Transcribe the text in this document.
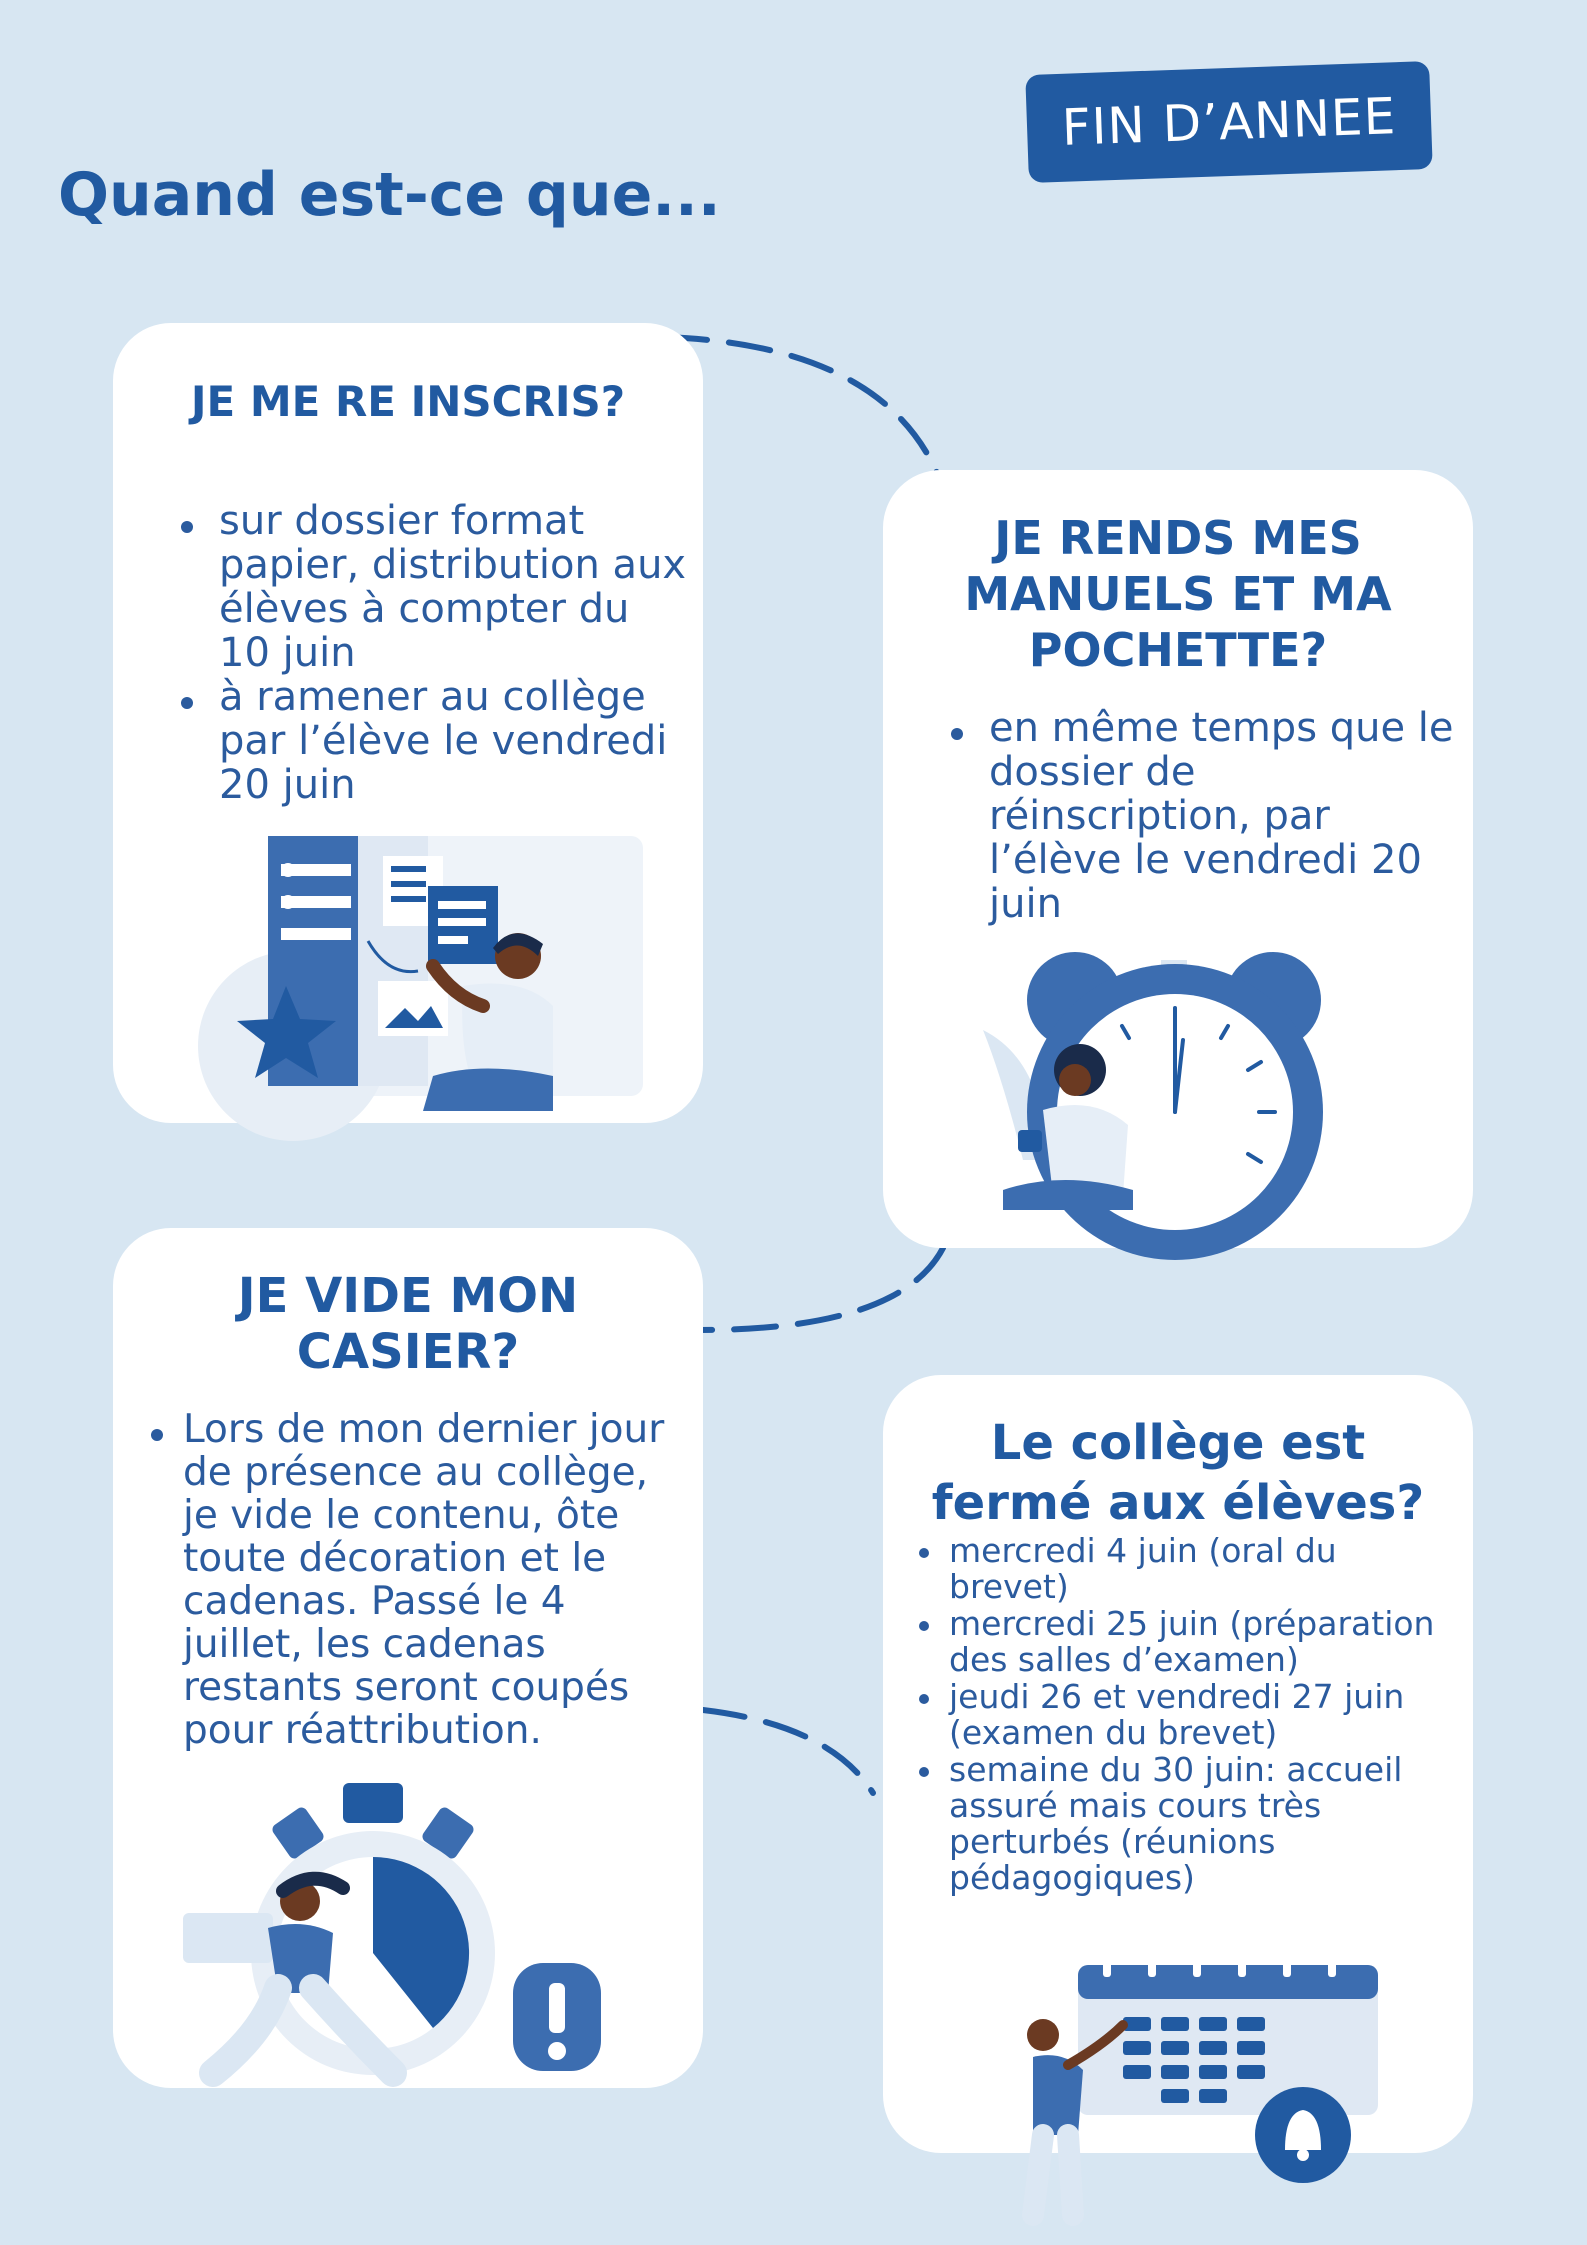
FIN D’ANNEE
Quand est-ce que...
JE ME RE INSCRIS?
sur dossier format papier, distribution aux élèves à compter du 10 juin
à ramener au collège par l’élève le vendredi 20 juin
JE RENDS MES
MANUELS ET MA
POCHETTE?
en même temps que le dossier de réinscription, par l’élève le vendredi 20 juin
JE VIDE MON
CASIER?
Lors de mon dernier jour de présence au collège, je vide le contenu, ôte toute décoration et le cadenas. Passé le 4 juillet, les cadenas restants seront coupés pour réattribution.
Le collège est
fermé aux élèves?
mercredi 4 juin (oral du brevet)
mercredi 25 juin (préparation des salles d’examen)
jeudi 26 et vendredi 27 juin (examen du brevet)
semaine du 30 juin: accueil assuré mais cours très perturbés (réunions pédagogiques)
